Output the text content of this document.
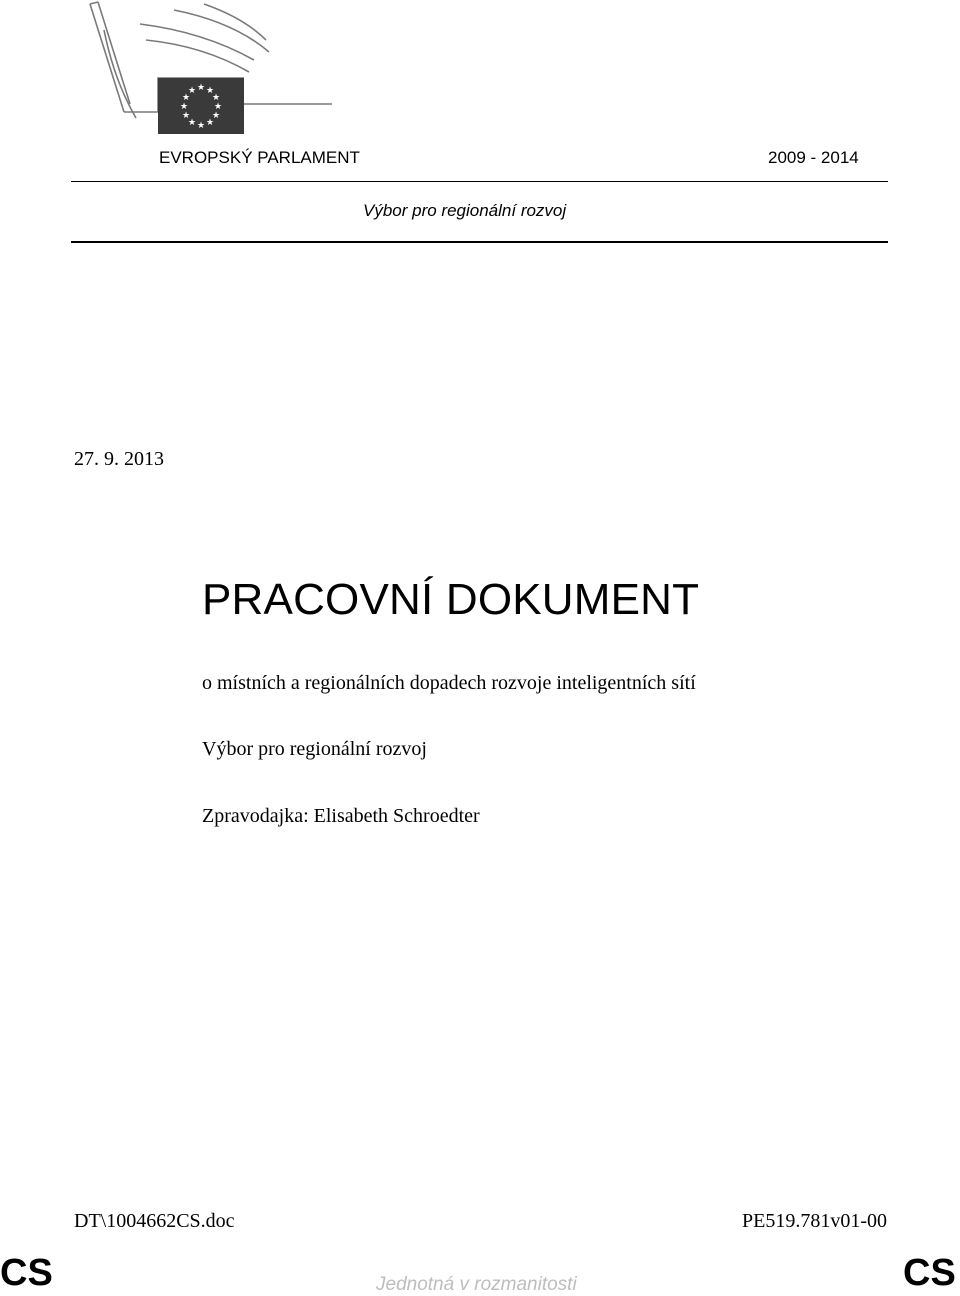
★ ★
★
★
★
★
★
★
★
★
★
★
EVROPSKÝ PARLAMENT	2009 - 2014
Výbor pro regionální rozvoj
27. 9. 2013
PRACOVNÍ DOKUMENT
o místních a regionálních dopadech rozvoje inteligentních sítí
Výbor pro regionální rozvoj
Zpravodajka: Elisabeth Schroedter
DT\1004662CS.doc	PE519.781v01-00
CS	Jednotná v rozmanitosti	CS
